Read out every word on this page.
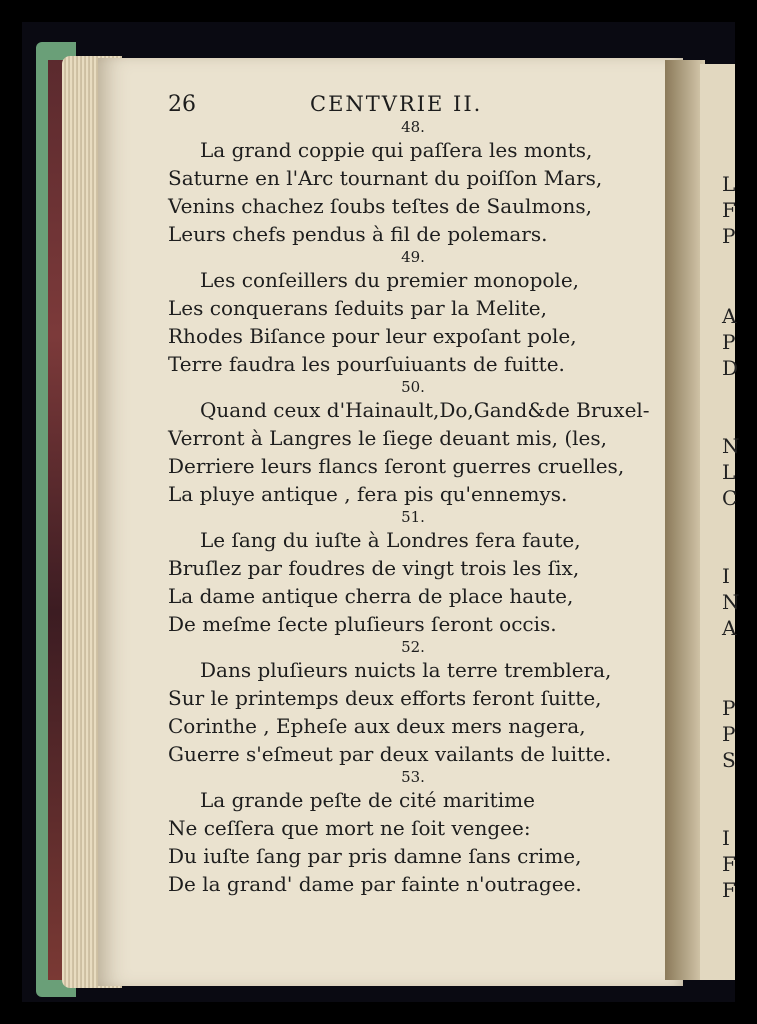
L
F
P
A
P
D
N
L
C
I
N
A
P
P
S
I
F
F
26	CENTVRIE II.
48.
La grand coppie qui paſſera les monts,
Saturne en l'Arc tournant du poiſſon Mars,
Venins chachez ſoubs teſtes de Saulmons,
Leurs chefs pendus à fil de polemars.
49.
Les conſeillers du premier monopole,
Les conquerans ſeduits par la Melite,
Rhodes Biſance pour leur expoſant pole,
Terre faudra les pourſuiuants de fuitte.
50.
Quand ceux d'Hainault,Do,Gand&de Bruxel-
Verront à Langres le ſiege deuant mis, (les,
Derriere leurs flancs ſeront guerres cruelles,
La pluye antique , fera pis qu'ennemys.
51.
Le ſang du iuſte à Londres fera faute,
Bruſlez par foudres de vingt trois les ſix,
La dame antique cherra de place haute,
De meſme ſecte pluſieurs ſeront occis.
52.
Dans pluſieurs nuicts la terre tremblera,
Sur le printemps deux efforts feront ſuitte,
Corinthe , Epheſe aux deux mers nagera,
Guerre s'eſmeut par deux vailants de luitte.
53.
La grande peſte de cité maritime
Ne ceſſera que mort ne ſoit vengee:
Du iuſte ſang par pris damne ſans crime,
De la grand' dame par fainte n'outragee.
